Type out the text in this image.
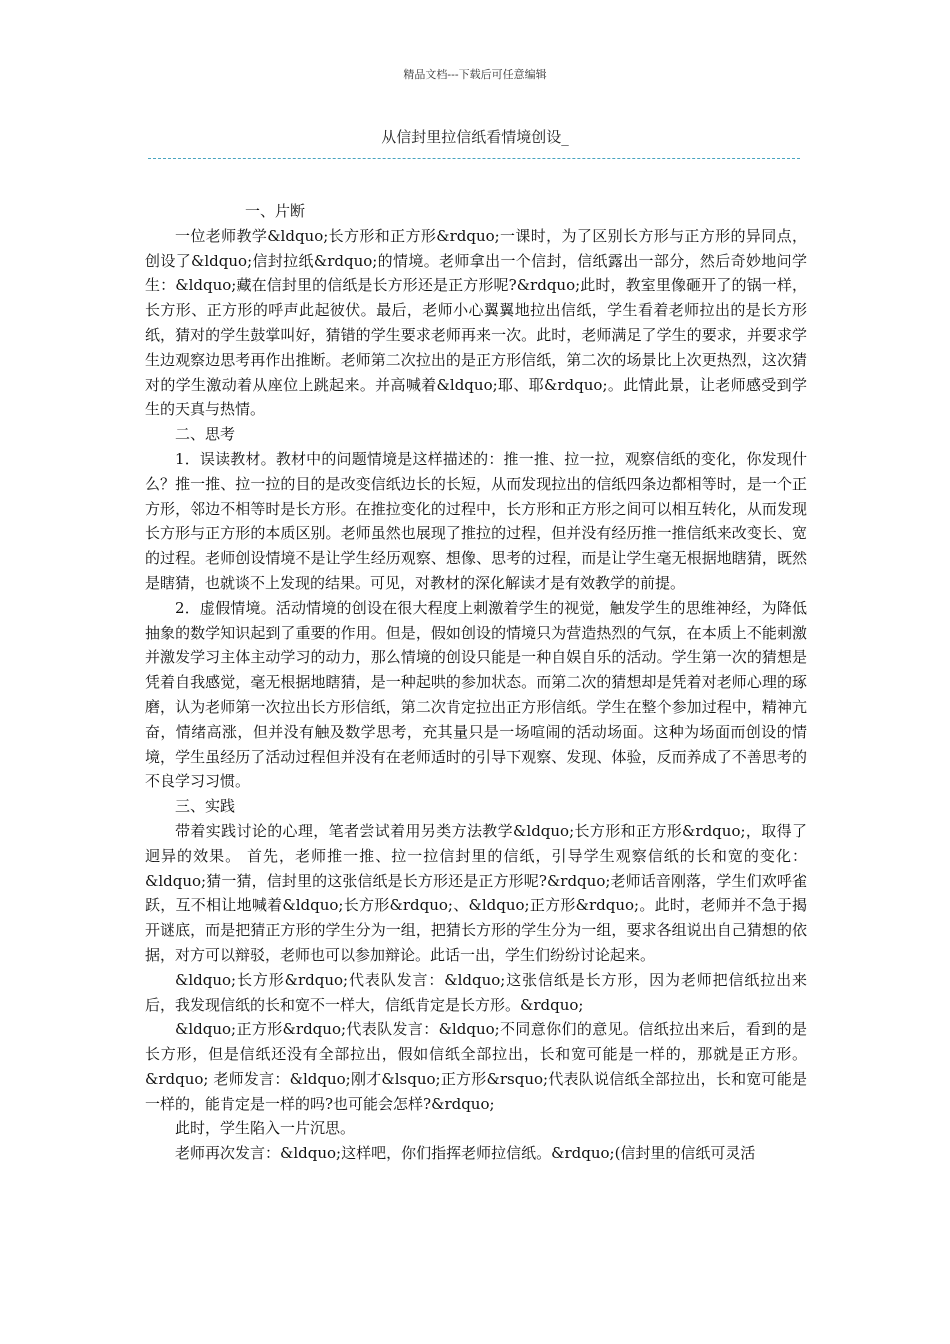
精品文档---下载后可任意编辑
从信封里拉信纸看情境创设_

一、片断

一位老师教学&ldquo;长方形和正方形&rdquo;一课时，为了区别长方形与正方形的异同点，创设了&ldquo;信封拉纸&rdquo;的情境。老师拿出一个信封，信纸露出一部分，然后奇妙地问学生：&ldquo;藏在信封里的信纸是长方形还是正方形呢?&rdquo;此时，教室里像砸开了的锅一样，长方形、正方形的呼声此起彼伏。最后，老师小心翼翼地拉出信纸，学生看着老师拉出的是长方形纸，猜对的学生鼓掌叫好，猜错的学生要求老师再来一次。此时，老师满足了学生的要求，并要求学生边观察边思考再作出推断。老师第二次拉出的是正方形信纸，第二次的场景比上次更热烈，这次猜对的学生激动着从座位上跳起来。并高喊着&ldquo;耶、耶&rdquo;。此情此景，让老师感受到学生的天真与热情。

二、思考

1．误读教材。教材中的问题情境是这样描述的：推一推、拉一拉，观察信纸的变化，你发现什么？推一推、拉一拉的目的是改变信纸边长的长短，从而发现拉出的信纸四条边都相等时，是一个正方形，邻边不相等时是长方形。在推拉变化的过程中，长方形和正方形之间可以相互转化，从而发现长方形与正方形的本质区别。老师虽然也展现了推拉的过程，但并没有经历推一推信纸来改变长、宽的过程。老师创设情境不是让学生经历观察、想像、思考的过程，而是让学生毫无根据地瞎猜，既然是瞎猜，也就谈不上发现的结果。可见，对教材的深化解读才是有效教学的前提。

2．虚假情境。活动情境的创设在很大程度上刺激着学生的视觉，触发学生的思维神经，为降低抽象的数学知识起到了重要的作用。但是，假如创设的情境只为营造热烈的气氛，在本质上不能刺激并激发学习主体主动学习的动力，那么情境的创设只能是一种自娱自乐的活动。学生第一次的猜想是凭着自我感觉，毫无根据地瞎猜，是一种起哄的参加状态。而第二次的猜想却是凭着对老师心理的琢磨，认为老师第一次拉出长方形信纸，第二次肯定拉出正方形信纸。学生在整个参加过程中，精神亢奋，情绪高涨，但并没有触及数学思考，充其量只是一场喧闹的活动场面。这种为场面而创设的情境，学生虽经历了活动过程但并没有在老师适时的引导下观察、发现、体验，反而养成了不善思考的不良学习习惯。

三、实践

带着实践讨论的心理，笔者尝试着用另类方法教学&ldquo;长方形和正方形&rdquo;，取得了迥异的效果。 首先，老师推一推、拉一拉信封里的信纸，引导学生观察信纸的长和宽的变化：&ldquo;猜一猜，信封里的这张信纸是长方形还是正方形呢?&rdquo;老师话音刚落，学生们欢呼雀跃，互不相让地喊着&ldquo;长方形&rdquo;、&ldquo;正方形&rdquo;。此时，老师并不急于揭开谜底，而是把猜正方形的学生分为一组，把猜长方形的学生分为一组，要求各组说出自己猜想的依据，对方可以辩驳，老师也可以参加辩论。此话一出，学生们纷纷讨论起来。

&ldquo;长方形&rdquo;代表队发言：&ldquo;这张信纸是长方形，因为老师把信纸拉出来后，我发现信纸的长和宽不一样大，信纸肯定是长方形。&rdquo;

&ldquo;正方形&rdquo;代表队发言：&ldquo;不同意你们的意见。信纸拉出来后，看到的是长方形，但是信纸还没有全部拉出，假如信纸全部拉出，长和宽可能是一样的，那就是正方形。&rdquo; 老师发言：&ldquo;刚才&lsquo;正方形&rsquo;代表队说信纸全部拉出，长和宽可能是一样的，能肯定是一样的吗?也可能会怎样?&rdquo;

此时，学生陷入一片沉思。

老师再次发言：&ldquo;这样吧，你们指挥老师拉信纸。&rdquo;(信封里的信纸可灵活
